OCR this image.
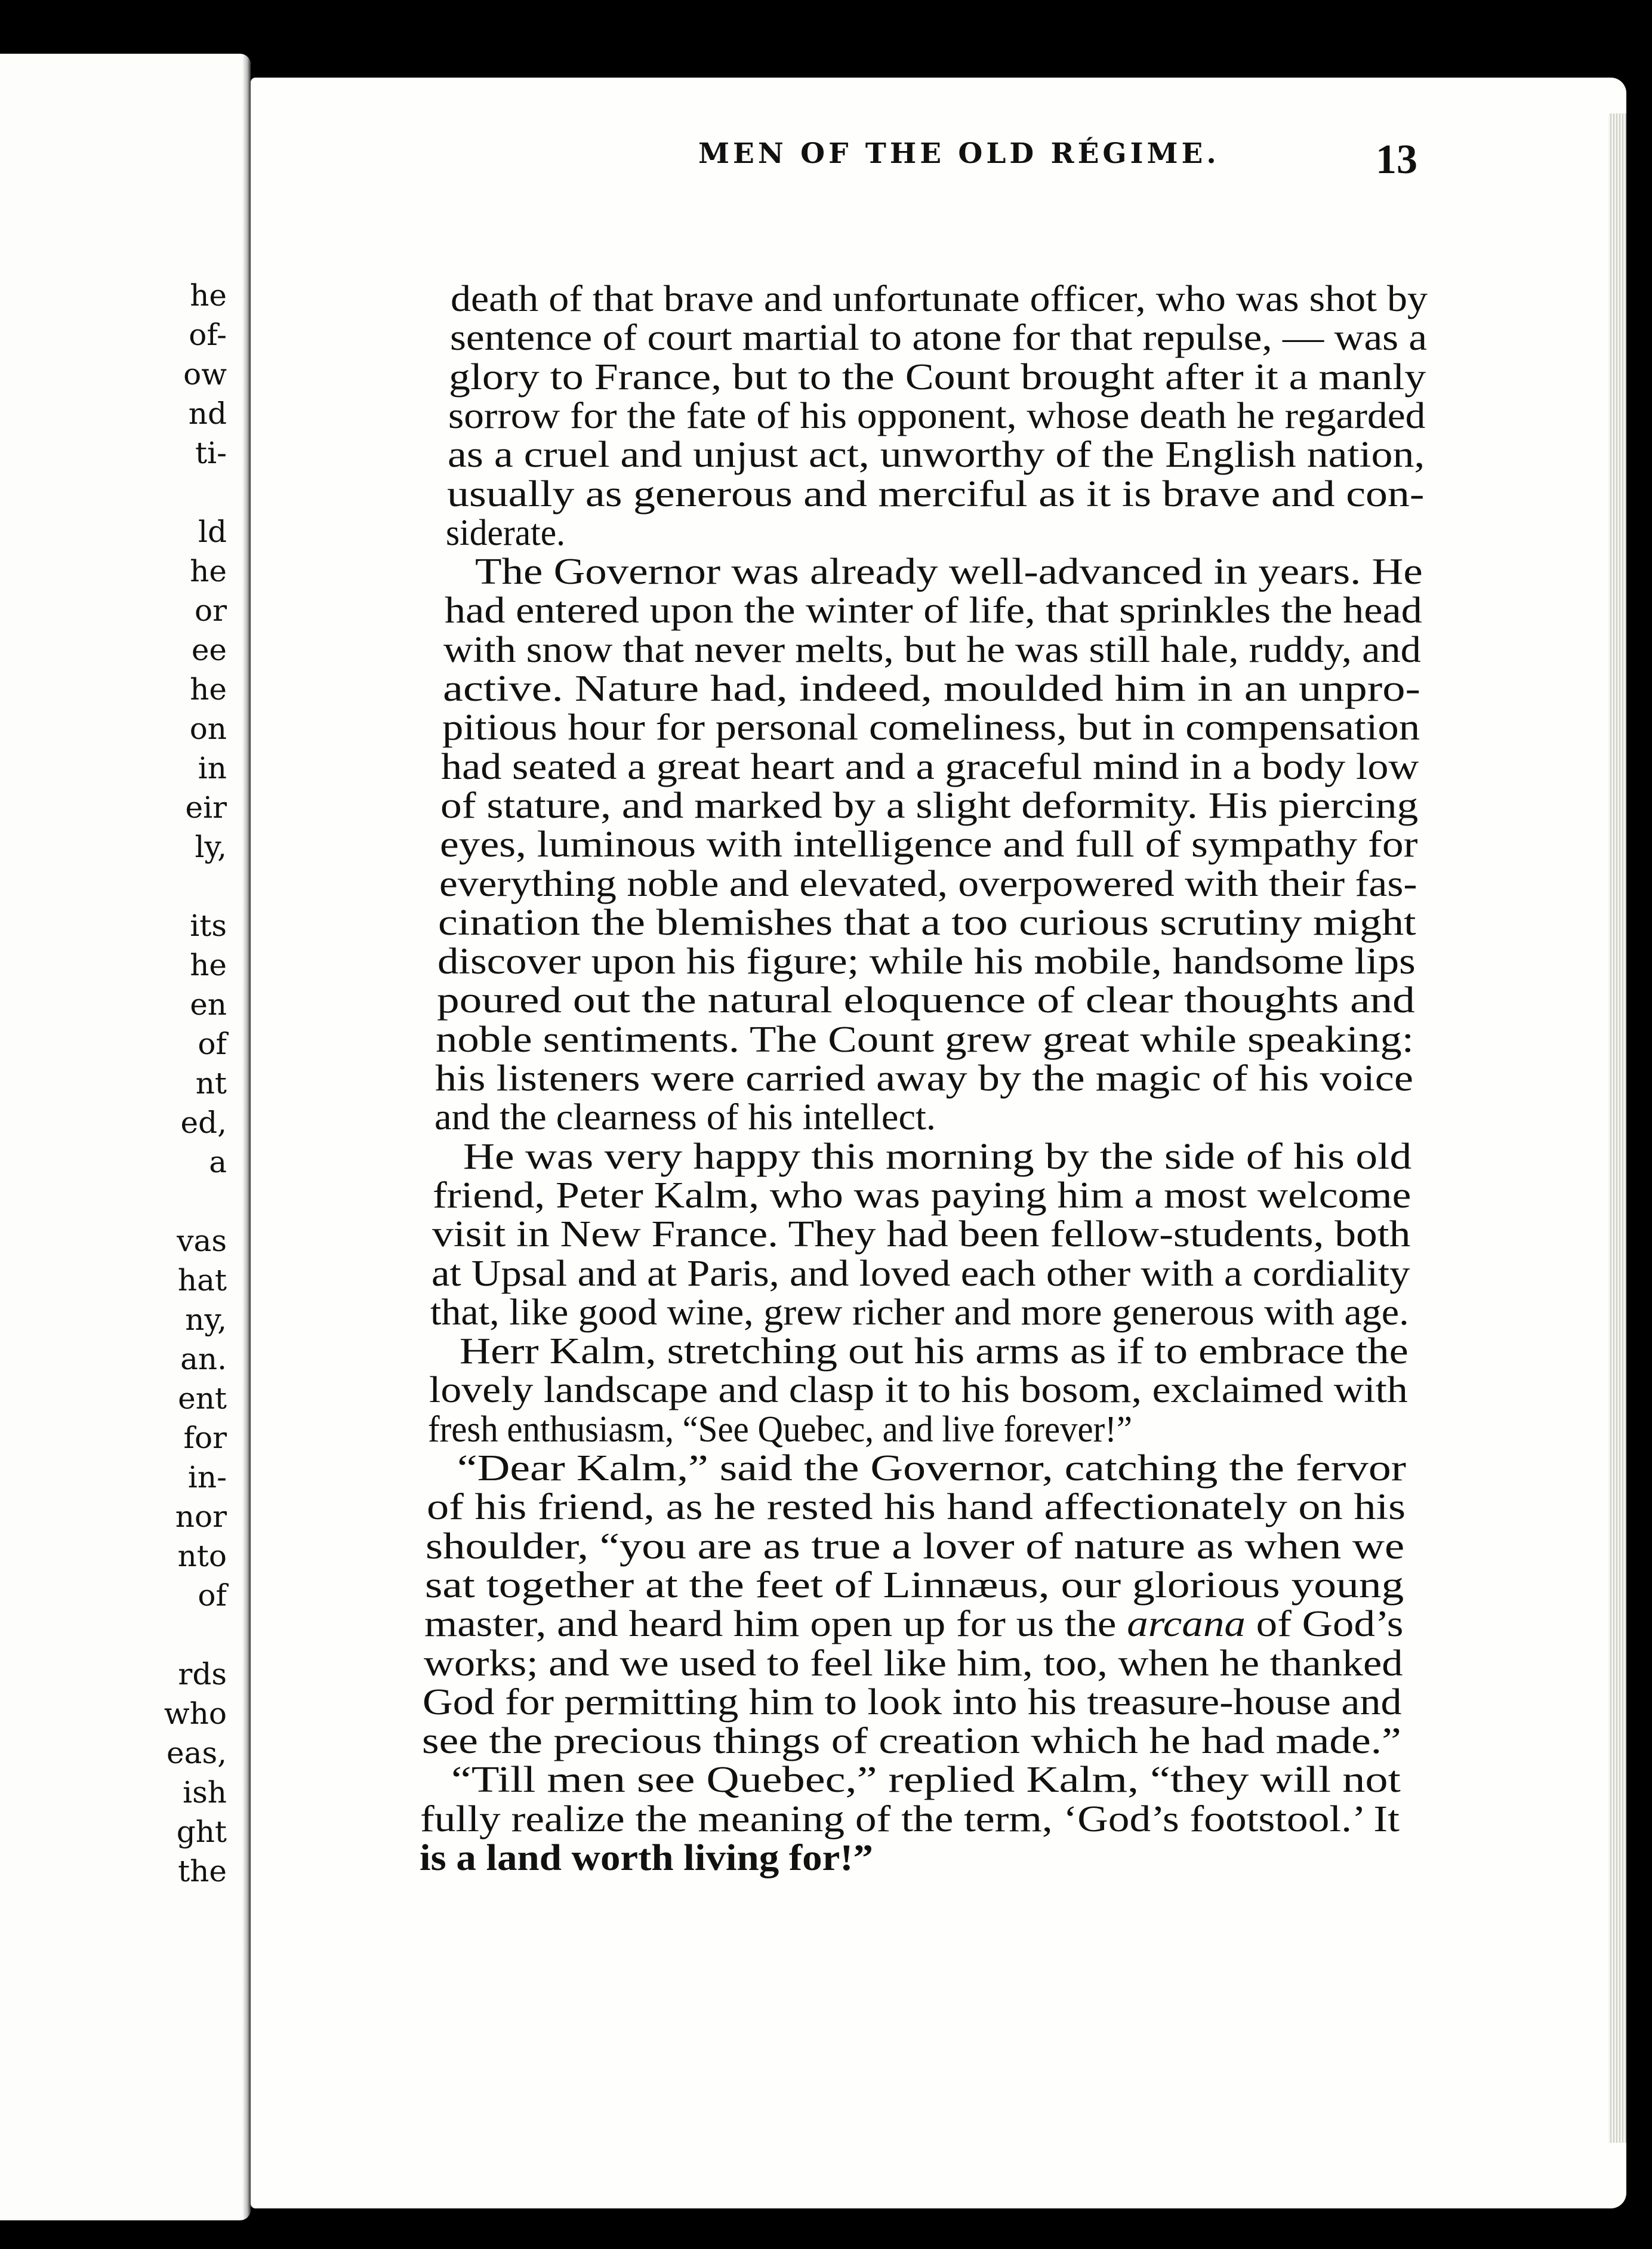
he
of-
ow
nd
ti-
ld
he
or
ee
he
on
in
eir
ly,
its
he
en
of
nt
ed,
a
vas
hat
ny,
an.
ent
for
in-
nor
nto
of
rds
who
eas,
ish
ght
the
MEN OF THE OLD RÉGIME.	13
death of that brave and unfortunate officer, who was shot by
sentence of court martial to atone for that repulse, — was a
glory to France, but to the Count brought after it a manly
sorrow for the fate of his opponent, whose death he regarded
as a cruel and unjust act, unworthy of the English nation,
usually as generous and merciful as it is brave and con-
siderate.
The Governor was already well-advanced in years. He
had entered upon the winter of life, that sprinkles the head
with snow that never melts, but he was still hale, ruddy, and
active. Nature had, indeed, moulded him in an unpro-
pitious hour for personal comeliness, but in compensation
had seated a great heart and a graceful mind in a body low
of stature, and marked by a slight deformity. His piercing
eyes, luminous with intelligence and full of sympathy for
everything noble and elevated, overpowered with their fas-
cination the blemishes that a too curious scrutiny might
discover upon his figure; while his mobile, handsome lips
poured out the natural eloquence of clear thoughts and
noble sentiments. The Count grew great while speaking:
his listeners were carried away by the magic of his voice
and the clearness of his intellect.
He was very happy this morning by the side of his old
friend, Peter Kalm, who was paying him a most welcome
visit in New France. They had been fellow-students, both
at Upsal and at Paris, and loved each other with a cordiality
that, like good wine, grew richer and more generous with age.
Herr Kalm, stretching out his arms as if to embrace the
lovely landscape and clasp it to his bosom, exclaimed with
fresh enthusiasm, “See Quebec, and live forever!”
“Dear Kalm,” said the Governor, catching the fervor
of his friend, as he rested his hand affectionately on his
shoulder, “you are as true a lover of nature as when we
sat together at the feet of Linnæus, our glorious young
master, and heard him open up for us the arcana of God’s
works; and we used to feel like him, too, when he thanked
God for permitting him to look into his treasure-house and
see the precious things of creation which he had made.”
“Till men see Quebec,” replied Kalm, “they will not
fully realize the meaning of the term, ‘God’s footstool.’ It
is a land worth living for!”
